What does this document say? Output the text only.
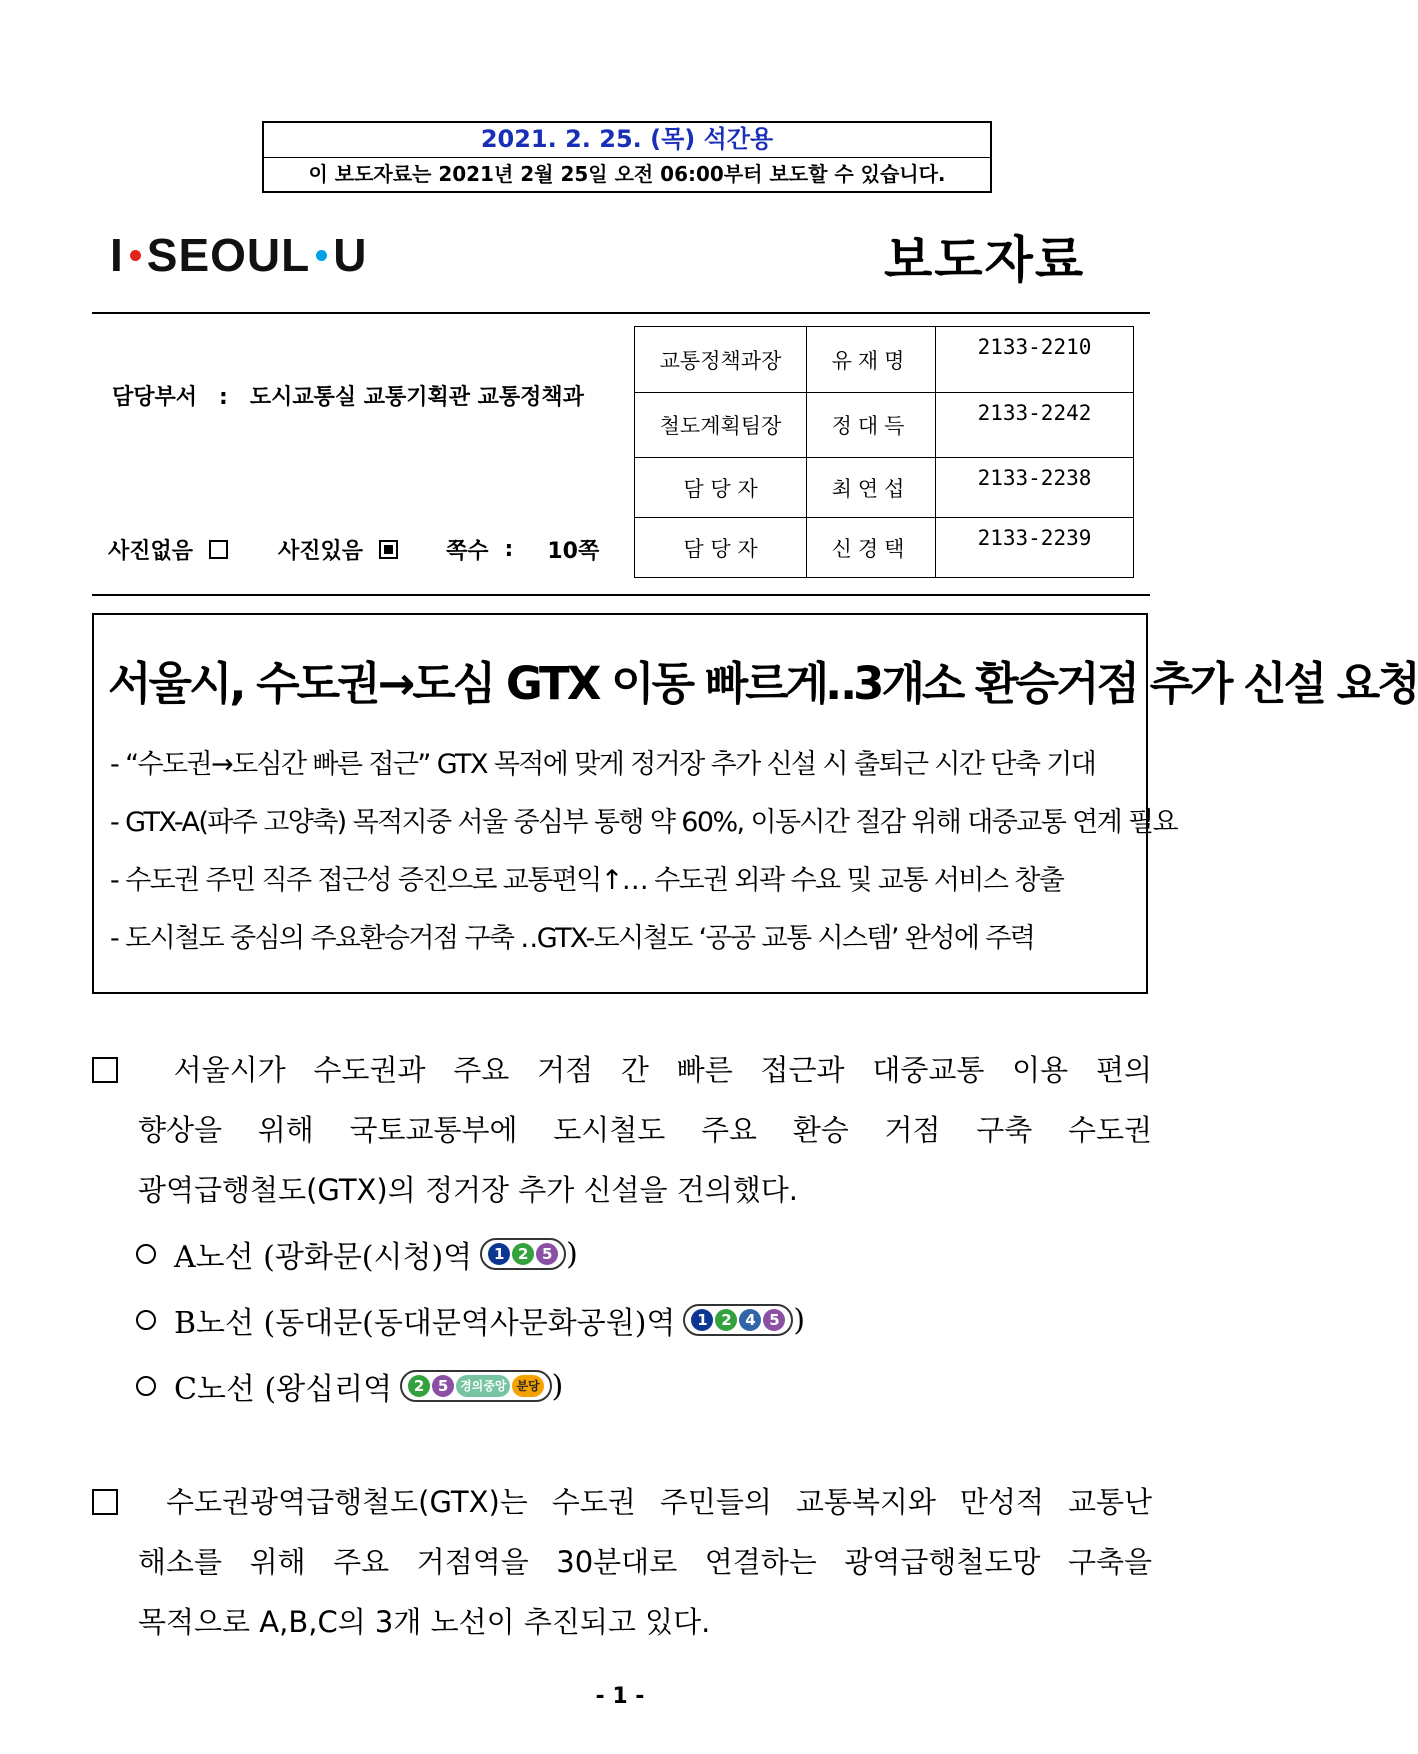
2021. 2. 25. (목) 석간용
이 보도자료는 2021년 2월 25일 오전 06:00부터 보도할 수 있습니다.
I SEOUL U	보도자료
담당부서 : 도시교통실 교통기획관 교통정책과
사진없음	사진있음	쪽수 : 10쪽
교통정책과장	유재명	2133-2210
철도계획팀장	정대득	2133-2242
담 당 자	최연섭	2133-2238
담 당 자	신경택	2133-2239
서울시, 수도권→도심 GTX 이동 빠르게‥3개소 환승거점 추가 신설 요청
- “수도권→도심간 빠른 접근” GTX 목적에 맞게 정거장 추가 신설 시 출퇴근 시간 단축 기대
- GTX-A(파주 고양축) 목적지중 서울 중심부 통행 약 60%, 이동시간 절감 위해 대중교통 연계 필요
- 수도권 주민 직주 접근성 증진으로 교통편익↑… 수도권 외곽 수요 및 교통 서비스 창출
- 도시철도 중심의 주요환승거점 구축 ‥GTX-도시철도 ‘공공 교통 시스템’ 완성에 주력
서울시가 수도권과 주요 거점 간 빠른 접근과 대중교통 이용 편의
향상을 위해 국토교통부에 도시철도 주요 환승 거점 구축 수도권
광역급행철도(GTX)의 정거장 추가 신설을 건의했다.
A노선 (광화문(시청)역	1 2 5 )
B노선 (동대문(동대문역사문화공원)역	1 2 4 5 )
C노선 (왕십리역	2 5 경의중앙 분당 )
수도권광역급행철도(GTX)는 수도권 주민들의 교통복지와 만성적 교통난
해소를 위해 주요 거점역을 30분대로 연결하는 광역급행철도망 구축을
목적으로 A,B,C의 3개 노선이 추진되고 있다.
- 1 -
